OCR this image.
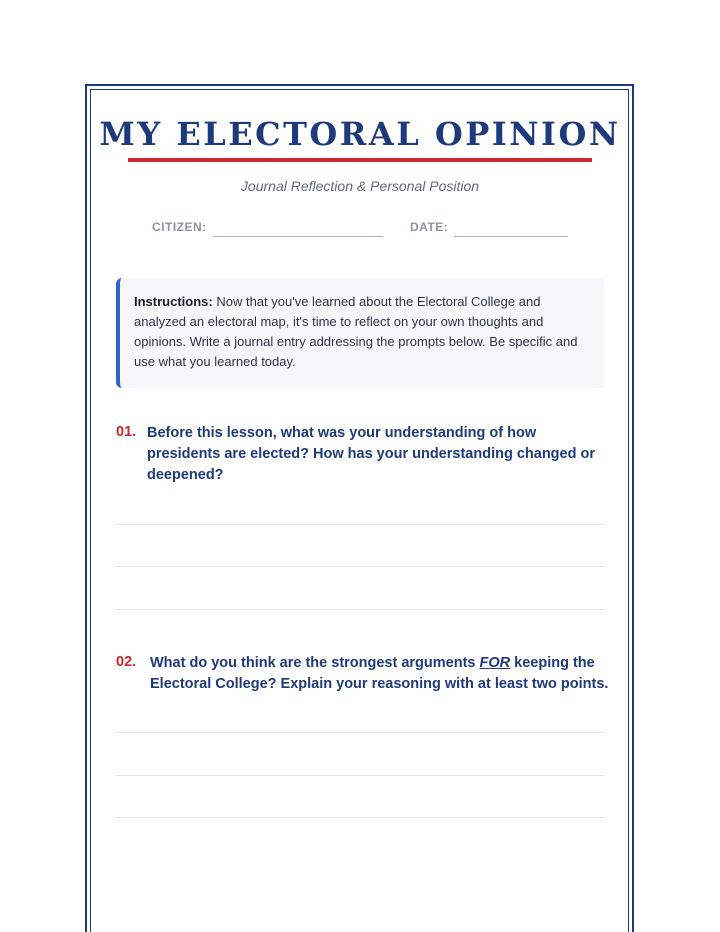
MY ELECTORAL OPINION
Journal Reflection & Personal Position
CITIZEN:	DATE:
Instructions: Now that you've learned about the Electoral College and analyzed an electoral map, it's time to reflect on your own thoughts and opinions. Write a journal entry addressing the prompts below. Be specific and use what you learned today.
01. Before this lesson, what was your understanding of how presidents are elected? How has your understanding changed or deepened?
02. What do you think are the strongest arguments FOR keeping the Electoral College? Explain your reasoning with at least two points.
